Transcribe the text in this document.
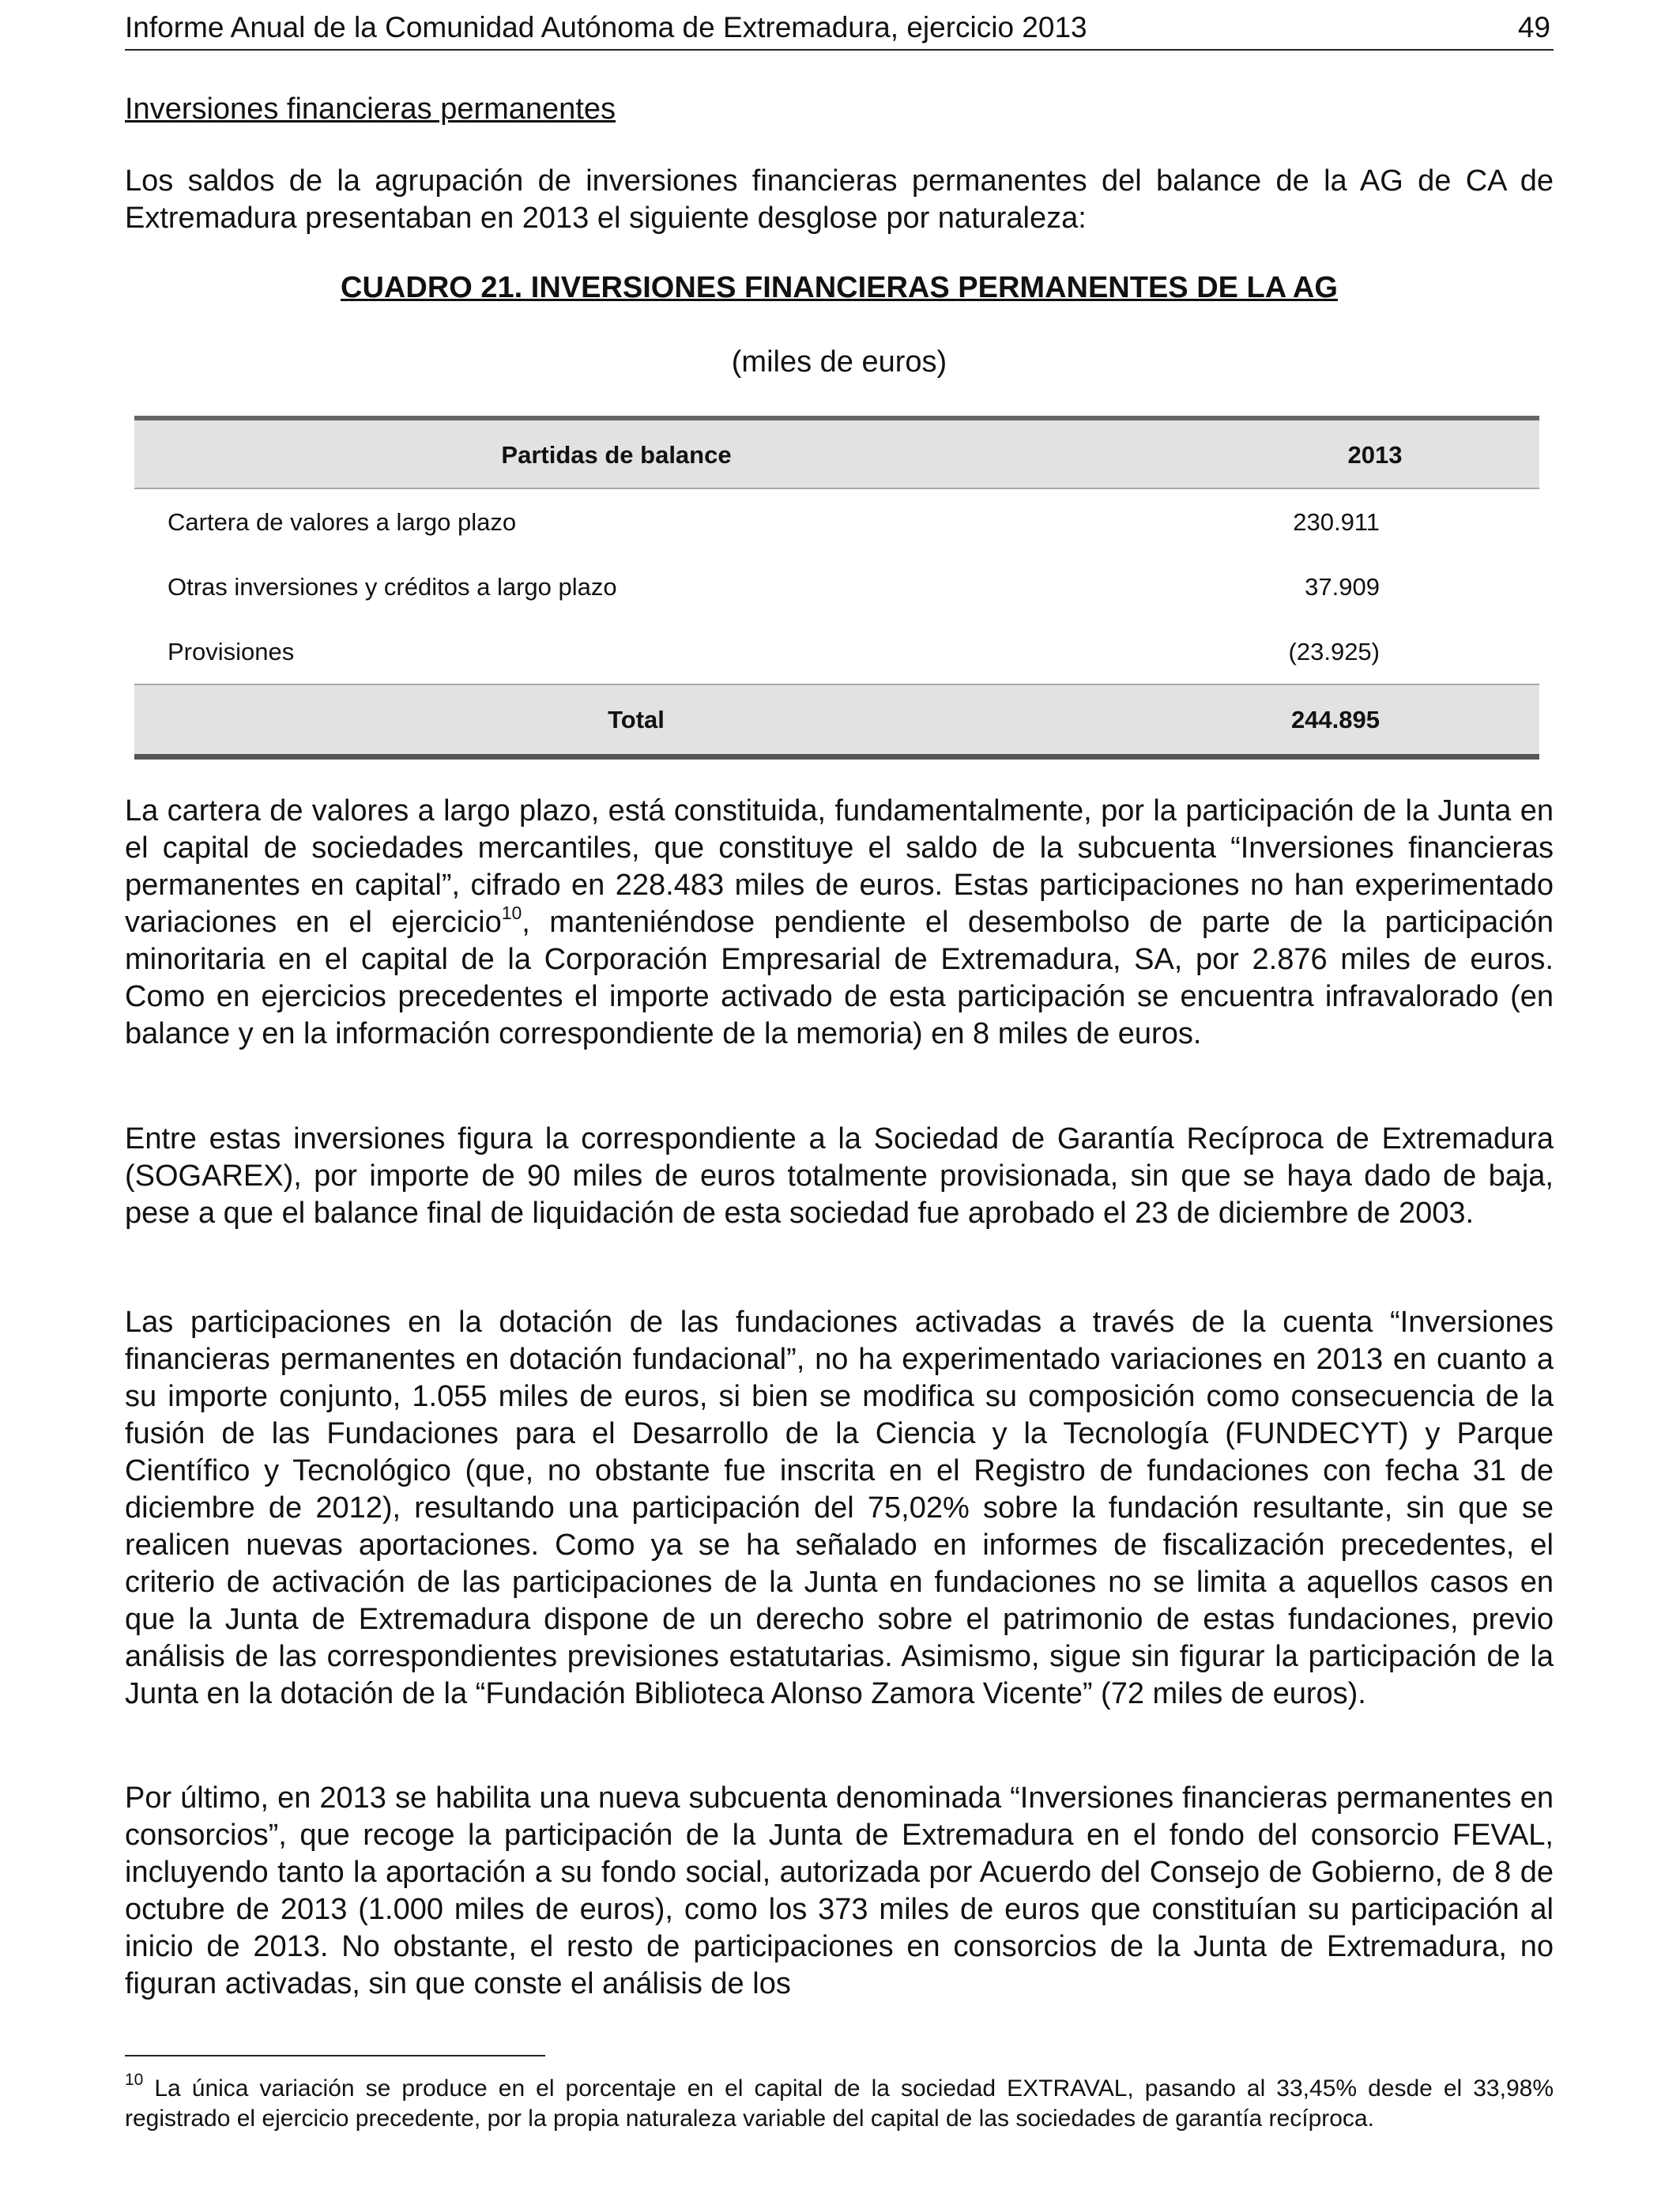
Informe Anual de la Comunidad Autónoma de Extremadura, ejercicio 2013	49
Inversiones financieras permanentes

Los saldos de la agrupación de inversiones financieras permanentes del balance de la AG de CA de Extremadura presentaban en 2013 el siguiente desglose por naturaleza:

CUADRO 21. INVERSIONES FINANCIERAS PERMANENTES DE LA AG
(miles de euros)
Partidas de balance	2013
Cartera de valores a largo plazo	230.911
Otras inversiones y créditos a largo plazo	37.909
Provisiones	(23.925)
Total	244.895

La cartera de valores a largo plazo, está constituida, fundamentalmente, por la participación de la Junta en el capital de sociedades mercantiles, que constituye el saldo de la subcuenta “Inversiones financieras permanentes en capital”, cifrado en 228.483 miles de euros. Estas participaciones no han experimentado variaciones en el ejercicio$^{10}$, manteniéndose pendiente el desembolso de parte de la participación minoritaria en el capital de la Corporación Empresarial de Extremadura, SA, por 2.876 miles de euros. Como en ejercicios precedentes el importe activado de esta participación se encuentra infravalorado (en balance y en la información correspondiente de la memoria) en 8 miles de euros.

Entre estas inversiones figura la correspondiente a la Sociedad de Garantía Recíproca de Extremadura (SOGAREX), por importe de 90 miles de euros totalmente provisionada, sin que se haya dado de baja, pese a que el balance final de liquidación de esta sociedad fue aprobado el 23 de diciembre de 2003.

Las participaciones en la dotación de las fundaciones activadas a través de la cuenta “Inversiones financieras permanentes en dotación fundacional”, no ha experimentado variaciones en 2013 en cuanto a su importe conjunto, 1.055 miles de euros, si bien se modifica su composición como consecuencia de la fusión de las Fundaciones para el Desarrollo de la Ciencia y la Tecnología (FUNDECYT) y Parque Científico y Tecnológico (que, no obstante fue inscrita en el Registro de fundaciones con fecha 31 de diciembre de 2012), resultando una participación del 75,02% sobre la fundación resultante, sin que se realicen nuevas aportaciones. Como ya se ha señalado en informes de fiscalización precedentes, el criterio de activación de las participaciones de la Junta en fundaciones no se limita a aquellos casos en que la Junta de Extremadura dispone de un derecho sobre el patrimonio de estas fundaciones, previo análisis de las correspondientes previsiones estatutarias. Asimismo, sigue sin figurar la participación de la Junta en la dotación de la “Fundación Biblioteca Alonso Zamora Vicente” (72 miles de euros).

Por último, en 2013 se habilita una nueva subcuenta denominada “Inversiones financieras permanentes en consorcios”, que recoge la participación de la Junta de Extremadura en el fondo del consorcio FEVAL, incluyendo tanto la aportación a su fondo social, autorizada por Acuerdo del Consejo de Gobierno, de 8 de octubre de 2013 (1.000 miles de euros), como los 373 miles de euros que constituían su participación al inicio de 2013. No obstante, el resto de participaciones en consorcios de la Junta de Extremadura, no figuran activadas, sin que conste el análisis de los

$^{10}$ La única variación se produce en el porcentaje en el capital de la sociedad EXTRAVAL, pasando al 33,45% desde el 33,98% registrado el ejercicio precedente, por la propia naturaleza variable del capital de las sociedades de garantía recíproca.
